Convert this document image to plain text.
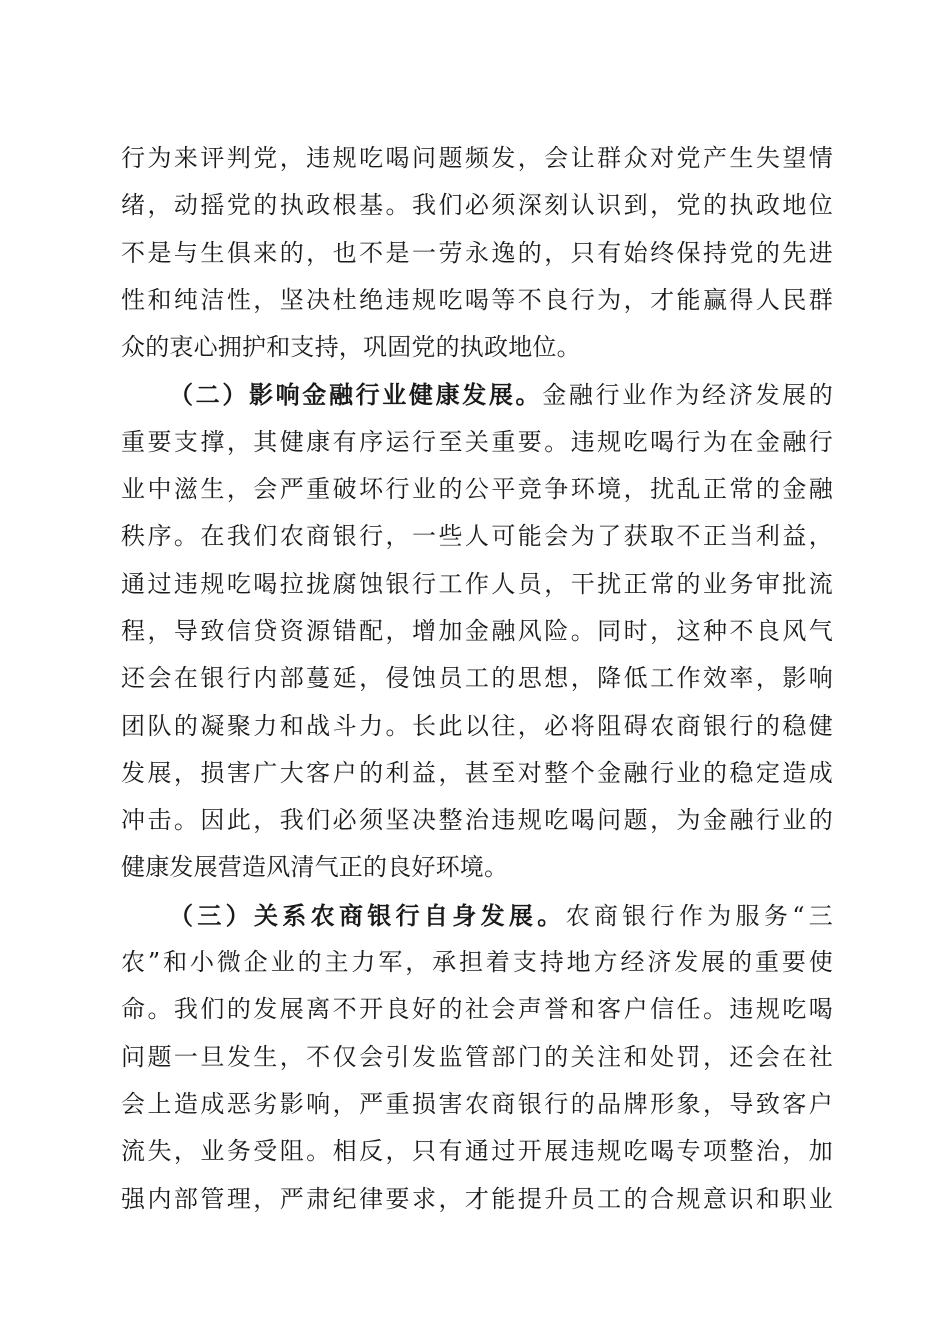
行为来评判党，违规吃喝问题频发，会让群众对党产生失望情
绪，动摇党的执政根基。我们必须深刻认识到，党的执政地位
不是与生俱来的，也不是一劳永逸的，只有始终保持党的先进
性和纯洁性，坚决杜绝违规吃喝等不良行为，才能赢得人民群
众的衷心拥护和支持，巩固党的执政地位。
（二）影响金融行业健康发展。金融行业作为经济发展的
重要支撑，其健康有序运行至关重要。违规吃喝行为在金融行
业中滋生，会严重破坏行业的公平竞争环境，扰乱正常的金融
秩序。在我们农商银行，一些人可能会为了获取不正当利益，
通过违规吃喝拉拢腐蚀银行工作人员，干扰正常的业务审批流
程，导致信贷资源错配，增加金融风险。同时，这种不良风气
还会在银行内部蔓延，侵蚀员工的思想，降低工作效率，影响
团队的凝聚力和战斗力。长此以往，必将阻碍农商银行的稳健
发展，损害广大客户的利益，甚至对整个金融行业的稳定造成
冲击。因此，我们必须坚决整治违规吃喝问题，为金融行业的
健康发展营造风清气正的良好环境。
（三）关系农商银行自身发展。农商银行作为服务“三
农”和小微企业的主力军，承担着支持地方经济发展的重要使
命。我们的发展离不开良好的社会声誉和客户信任。违规吃喝
问题一旦发生，不仅会引发监管部门的关注和处罚，还会在社
会上造成恶劣影响，严重损害农商银行的品牌形象，导致客户
流失，业务受阻。相反，只有通过开展违规吃喝专项整治，加
强内部管理，严肃纪律要求，才能提升员工的合规意识和职业
